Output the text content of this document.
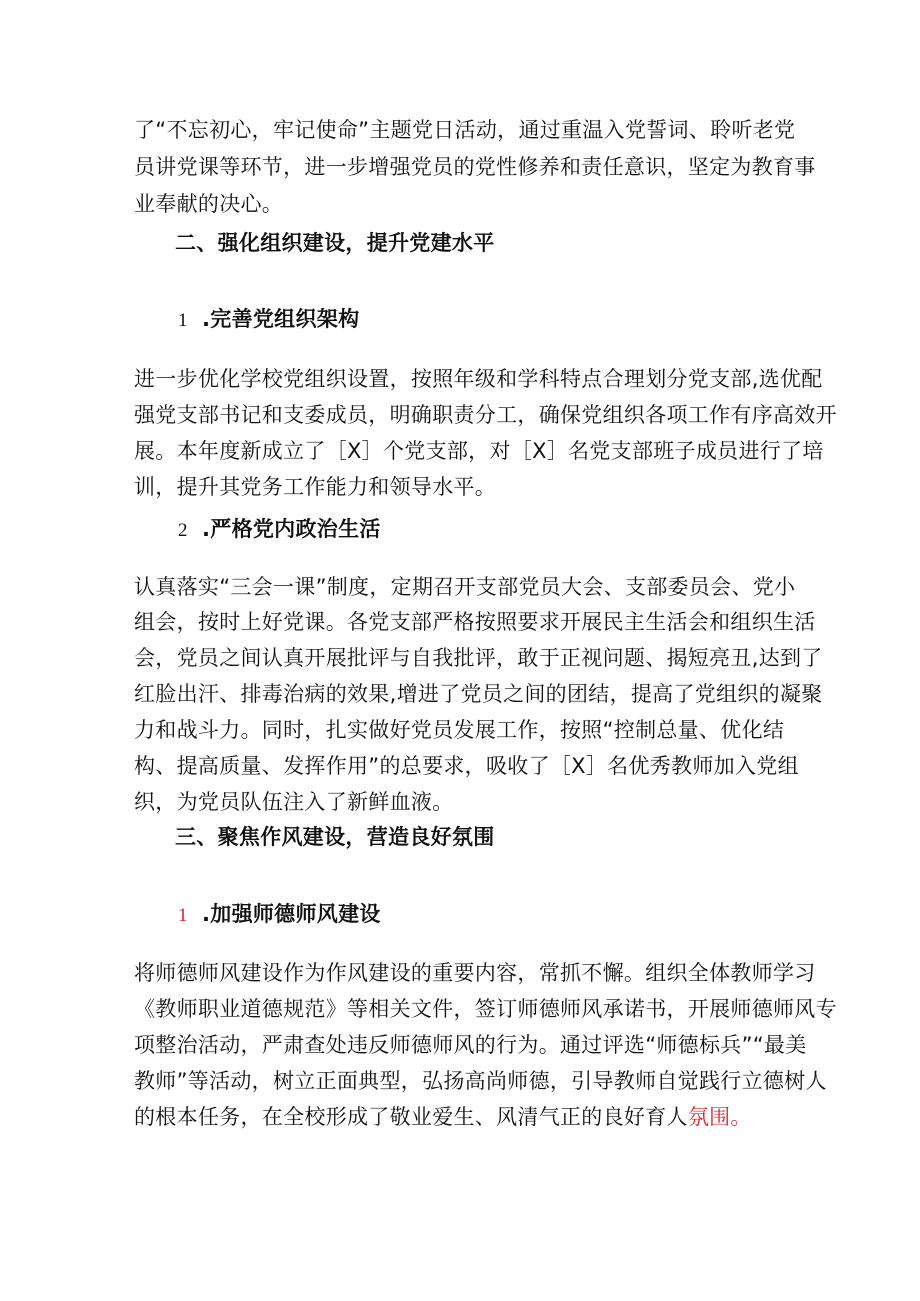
了“不忘初心，牢记使命”主题党日活动，通过重温入党誓词、聆听老党
员讲党课等环节，进一步增强党员的党性修养和责任意识，坚定为教育事
业奉献的决心。
二、强化组织建设，提升党建水平
1 .完善党组织架构
进一步优化学校党组织设置，按照年级和学科特点合理划分党支部,选优配
强党支部书记和支委成员，明确职责分工，确保党组织各项工作有序高效开
展。本年度新成立了［X］个党支部，对［X］名党支部班子成员进行了培
训，提升其党务工作能力和领导水平。
2 .严格党内政治生活
认真落实“三会一课”制度，定期召开支部党员大会、支部委员会、党小
组会，按时上好党课。各党支部严格按照要求开展民主生活会和组织生活
会，党员之间认真开展批评与自我批评，敢于正视问题、揭短亮丑,达到了
红脸出汗、排毒治病的效果,增进了党员之间的团结，提高了党组织的凝聚
力和战斗力。同时，扎实做好党员发展工作，按照“控制总量、优化结
构、提高质量、发挥作用”的总要求，吸收了［X］名优秀教师加入党组
织，为党员队伍注入了新鲜血液。
三、聚焦作风建设，营造良好氛围
1 .加强师德师风建设
将师德师风建设作为作风建设的重要内容，常抓不懈。组织全体教师学习
《教师职业道德规范》等相关文件，签订师德师风承诺书，开展师德师风专
项整治活动，严肃查处违反师德师风的行为。通过评选“师德标兵”“最美
教师”等活动，树立正面典型，弘扬高尚师德，引导教师自觉践行立德树人
的根本任务，在全校形成了敬业爱生、风清气正的良好育人氛围。
